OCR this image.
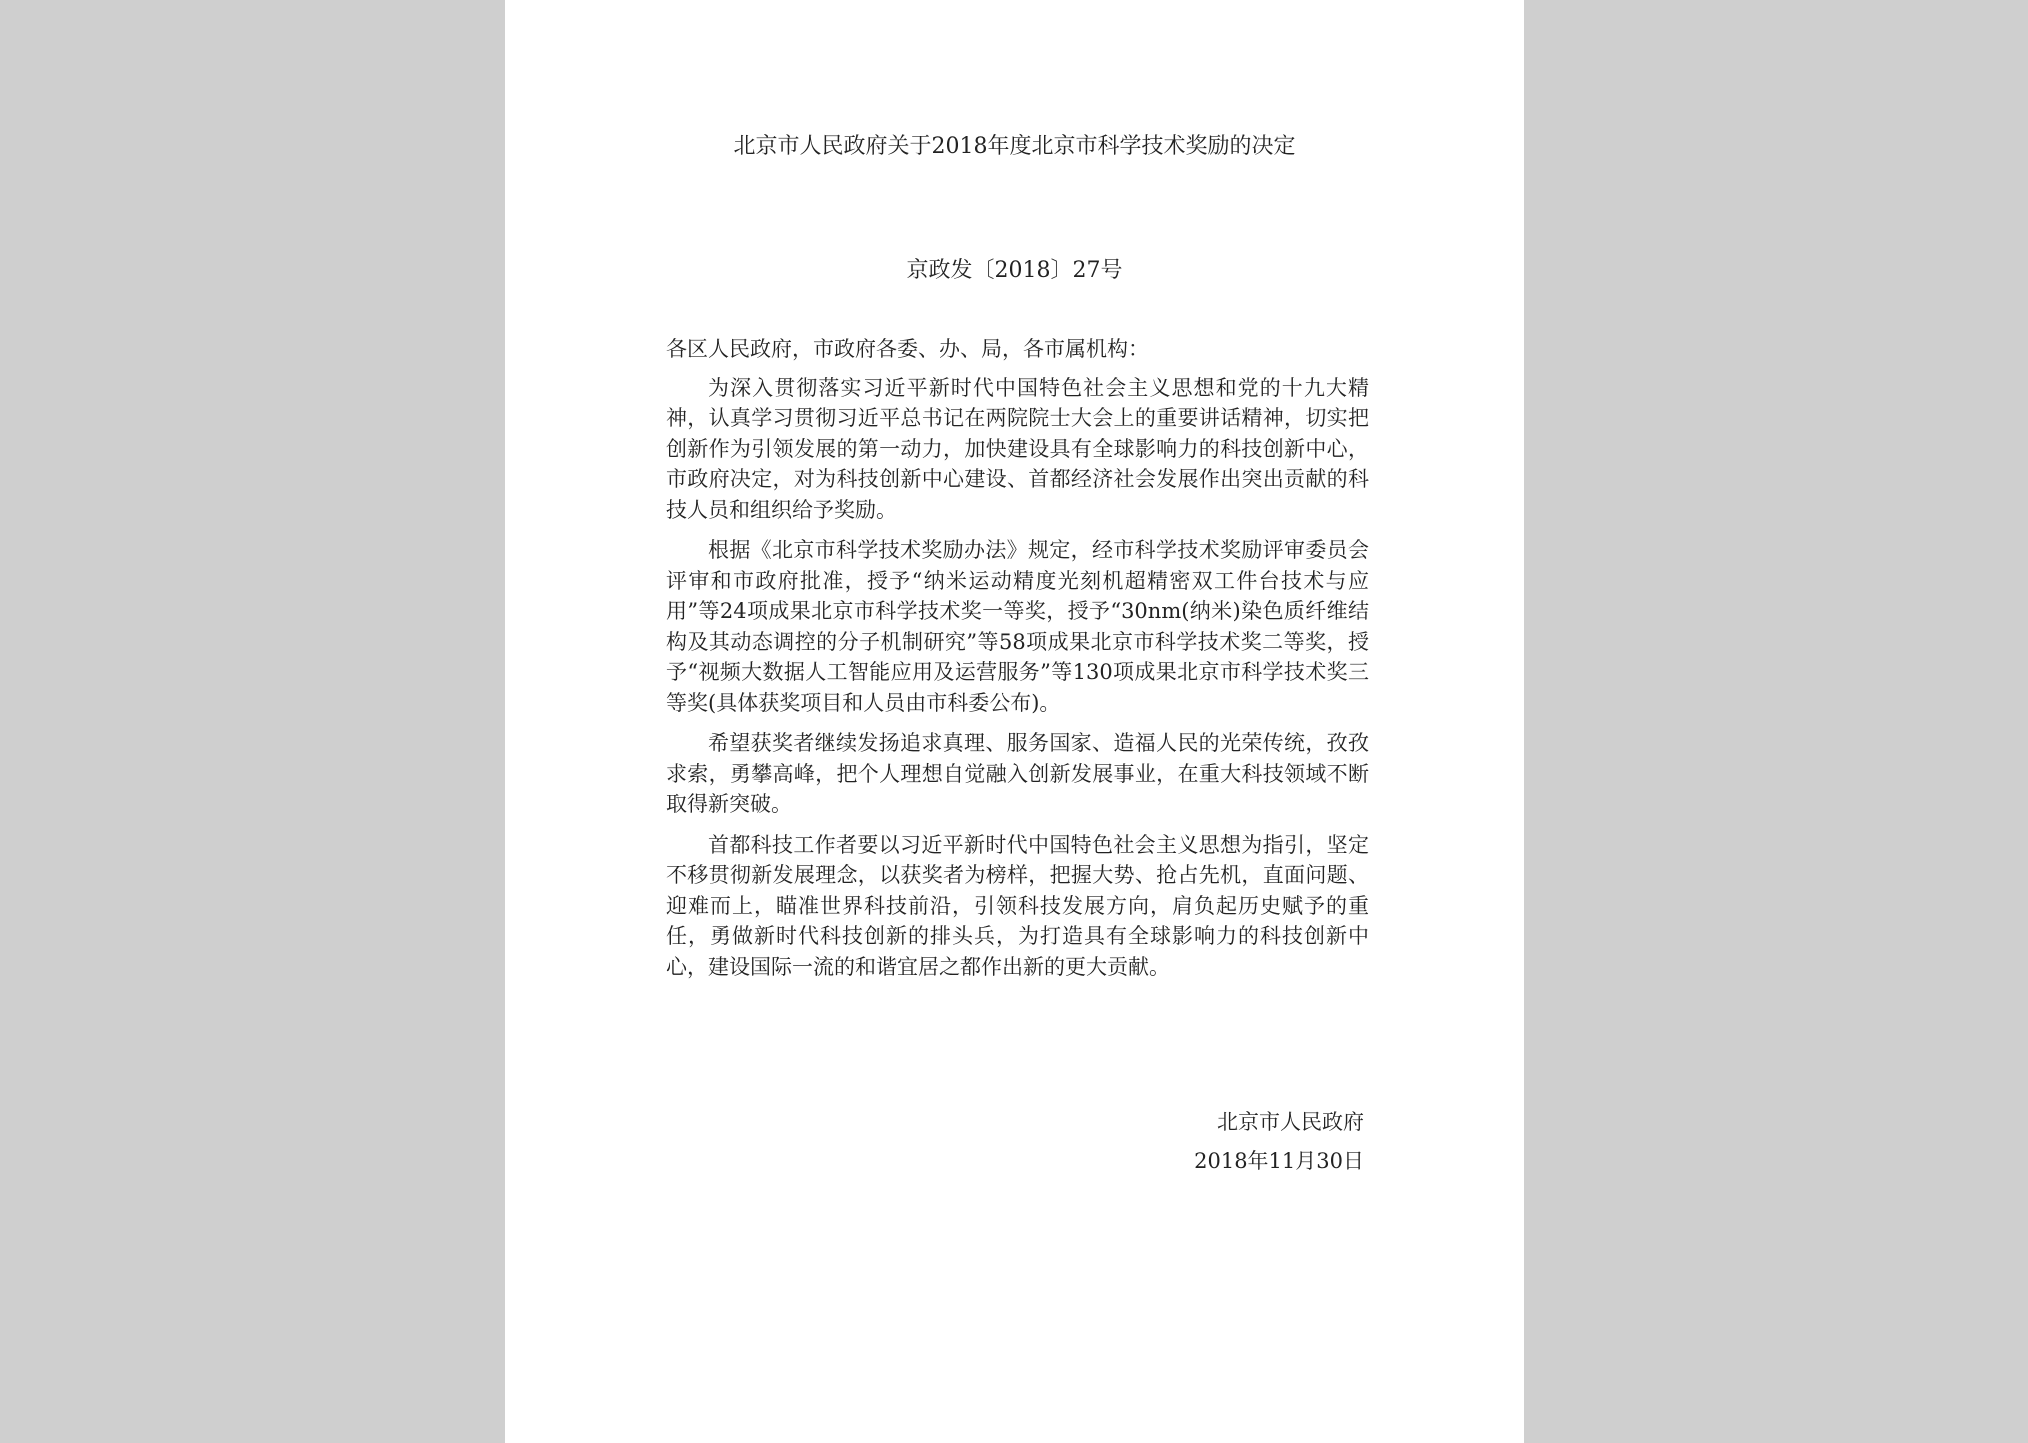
北京市人民政府关于2018年度北京市科学技术奖励的决定

京政发〔2018〕27号

各区人民政府，市政府各委、办、局，各市属机构：

为深入贯彻落实习近平新时代中国特色社会主义思想和党的十九大精神，认真学习贯彻习近平总书记在两院院士大会上的重要讲话精神，切实把创新作为引领发展的第一动力，加快建设具有全球影响力的科技创新中心，市政府决定，对为科技创新中心建设、首都经济社会发展作出突出贡献的科技人员和组织给予奖励。

根据《北京市科学技术奖励办法》规定，经市科学技术奖励评审委员会评审和市政府批准，授予“纳米运动精度光刻机超精密双工件台技术与应用”等24项成果北京市科学技术奖一等奖，授予“30nm(纳米)染色质纤维结构及其动态调控的分子机制研究”等58项成果北京市科学技术奖二等奖，授予“视频大数据人工智能应用及运营服务”等130项成果北京市科学技术奖三等奖(具体获奖项目和人员由市科委公布)。

希望获奖者继续发扬追求真理、服务国家、造福人民的光荣传统，孜孜求索，勇攀高峰，把个人理想自觉融入创新发展事业，在重大科技领域不断取得新突破。

首都科技工作者要以习近平新时代中国特色社会主义思想为指引，坚定不移贯彻新发展理念，以获奖者为榜样，把握大势、抢占先机，直面问题、迎难而上，瞄准世界科技前沿，引领科技发展方向，肩负起历史赋予的重任，勇做新时代科技创新的排头兵，为打造具有全球影响力的科技创新中心，建设国际一流的和谐宜居之都作出新的更大贡献。

北京市人民政府
2018年11月30日
